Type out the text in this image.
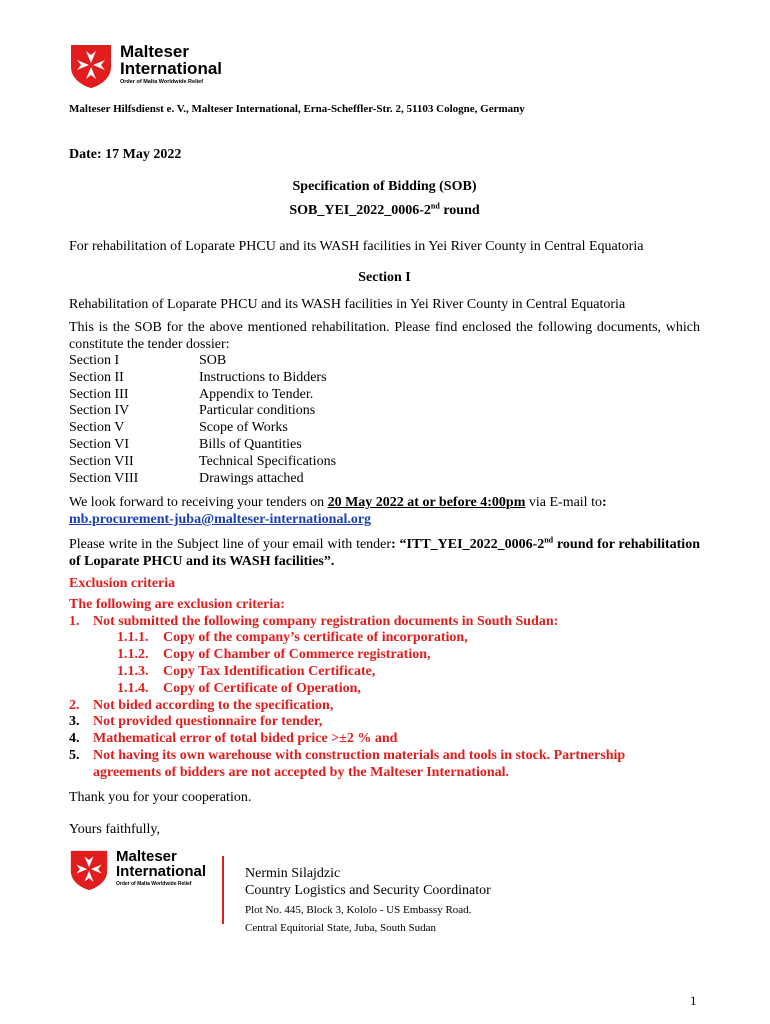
Malteser
International
Order of Malta Worldwide Relief
Malteser Hilfsdienst e. V., Malteser International, Erna-Scheffler-Str. 2, 51103 Cologne, Germany
Date: 17 May 2022
Specification of Bidding (SOB)
SOB_YEI_2022_0006-2nd round
For rehabilitation of Loparate PHCU and its WASH facilities in Yei River County in Central Equatoria
Section I
Rehabilitation of Loparate PHCU and its WASH facilities in Yei River County in Central Equatoria
This is the SOB for the above mentioned rehabilitation. Please find enclosed the following documents, which constitute the tender dossier:
Section I	SOB
Section II	Instructions to Bidders
Section III	Appendix to Tender.
Section IV	Particular conditions
Section V	Scope of Works
Section VI	Bills of Quantities
Section VII	Technical Specifications
Section VIII	Drawings attached
We look forward to receiving your tenders on 20 May 2022 at or before 4:00pm via E-mail to:
mb.procurement-juba@malteser-international.org
Please write in the Subject line of your email with tender: “ITT_YEI_2022_0006-2nd round for rehabilitation of Loparate PHCU and its WASH facilities”.
Exclusion criteria
The following are exclusion criteria:
1. Not submitted the following company registration documents in South Sudan:
1.1.1. Copy of the company’s certificate of incorporation,
1.1.2. Copy of Chamber of Commerce registration,
1.1.3. Copy Tax Identification Certificate,
1.1.4. Copy of Certificate of Operation,
2. Not bided according to the specification,
3. Not provided questionnaire for tender,
4. Mathematical error of total bided price >±2 % and
5. Not having its own warehouse with construction materials and tools in stock. Partnership
agreements of bidders are not accepted by the Malteser International.
Thank you for your cooperation.
Yours faithfully,
Malteser
International
Order of Malta Worldwide Relief
Nermin Silajdzic
Country Logistics and Security Coordinator
Plot No. 445, Block 3, Kololo - US Embassy Road.
Central Equitorial State, Juba, South Sudan
1
